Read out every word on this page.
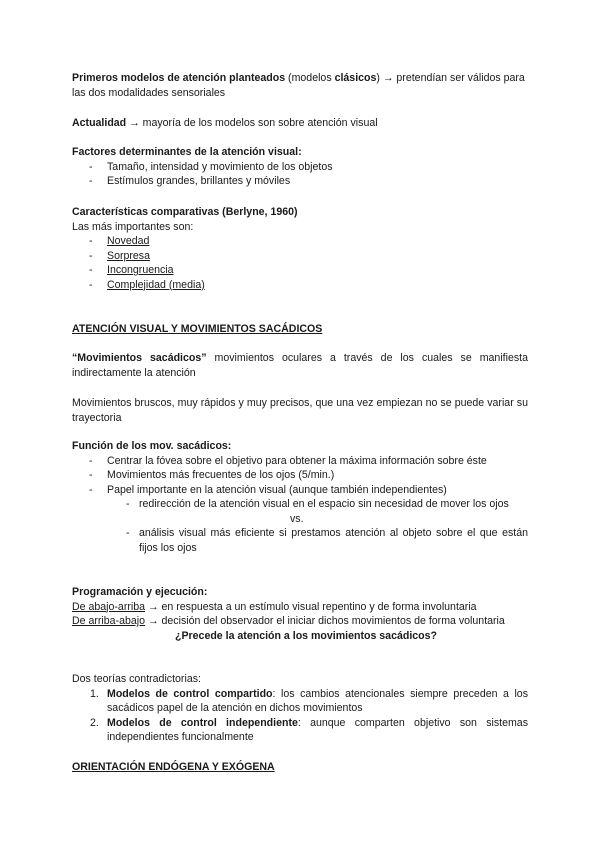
Primeros modelos de atención planteados (modelos clásicos) → pretendían ser válidos para las dos modalidades sensoriales

Actualidad → mayoría de los modelos son sobre atención visual

Factores determinantes de la atención visual:

- Tamaño, intensidad y movimiento de los objetos
- Estímulos grandes, brillantes y móviles

Características comparativas (Berlyne, 1960)

Las más importantes son:

- Novedad
- Sorpresa
- Incongruencia
- Complejidad (media)

ATENCIÓN VISUAL Y MOVIMIENTOS SACÁDICOS

“Movimientos sacádicos” movimientos oculares a través de los cuales se manifiesta indirectamente la atención

Movimientos bruscos, muy rápidos y muy precisos, que una vez empiezan no se puede variar su trayectoria

Función de los mov. sacádicos:

- Centrar la fóvea sobre el objetivo para obtener la máxima información sobre éste
- Movimientos más frecuentes de los ojos (5/min.)
- Papel importante en la atención visual (aunque también independientes)
- redirección de la atención visual en el espacio sin necesidad de mover los ojos

vs.

- análisis visual más eficiente si prestamos atención al objeto sobre el que están fijos los ojos

Programación y ejecución:

De abajo-arriba → en respuesta a un estímulo visual repentino y de forma involuntaria

De arriba-abajo → decisión del observador el iniciar dichos movimientos de forma voluntaria

¿Precede la atención a los movimientos sacádicos?

Dos teorías contradictorias:

1. Modelos de control compartido: los cambios atencionales siempre preceden a los sacádicos papel de la atención en dichos movimientos
2. Modelos de control independiente: aunque comparten objetivo son sistemas independientes funcionalmente

ORIENTACIÓN ENDÓGENA Y EXÓGENA
